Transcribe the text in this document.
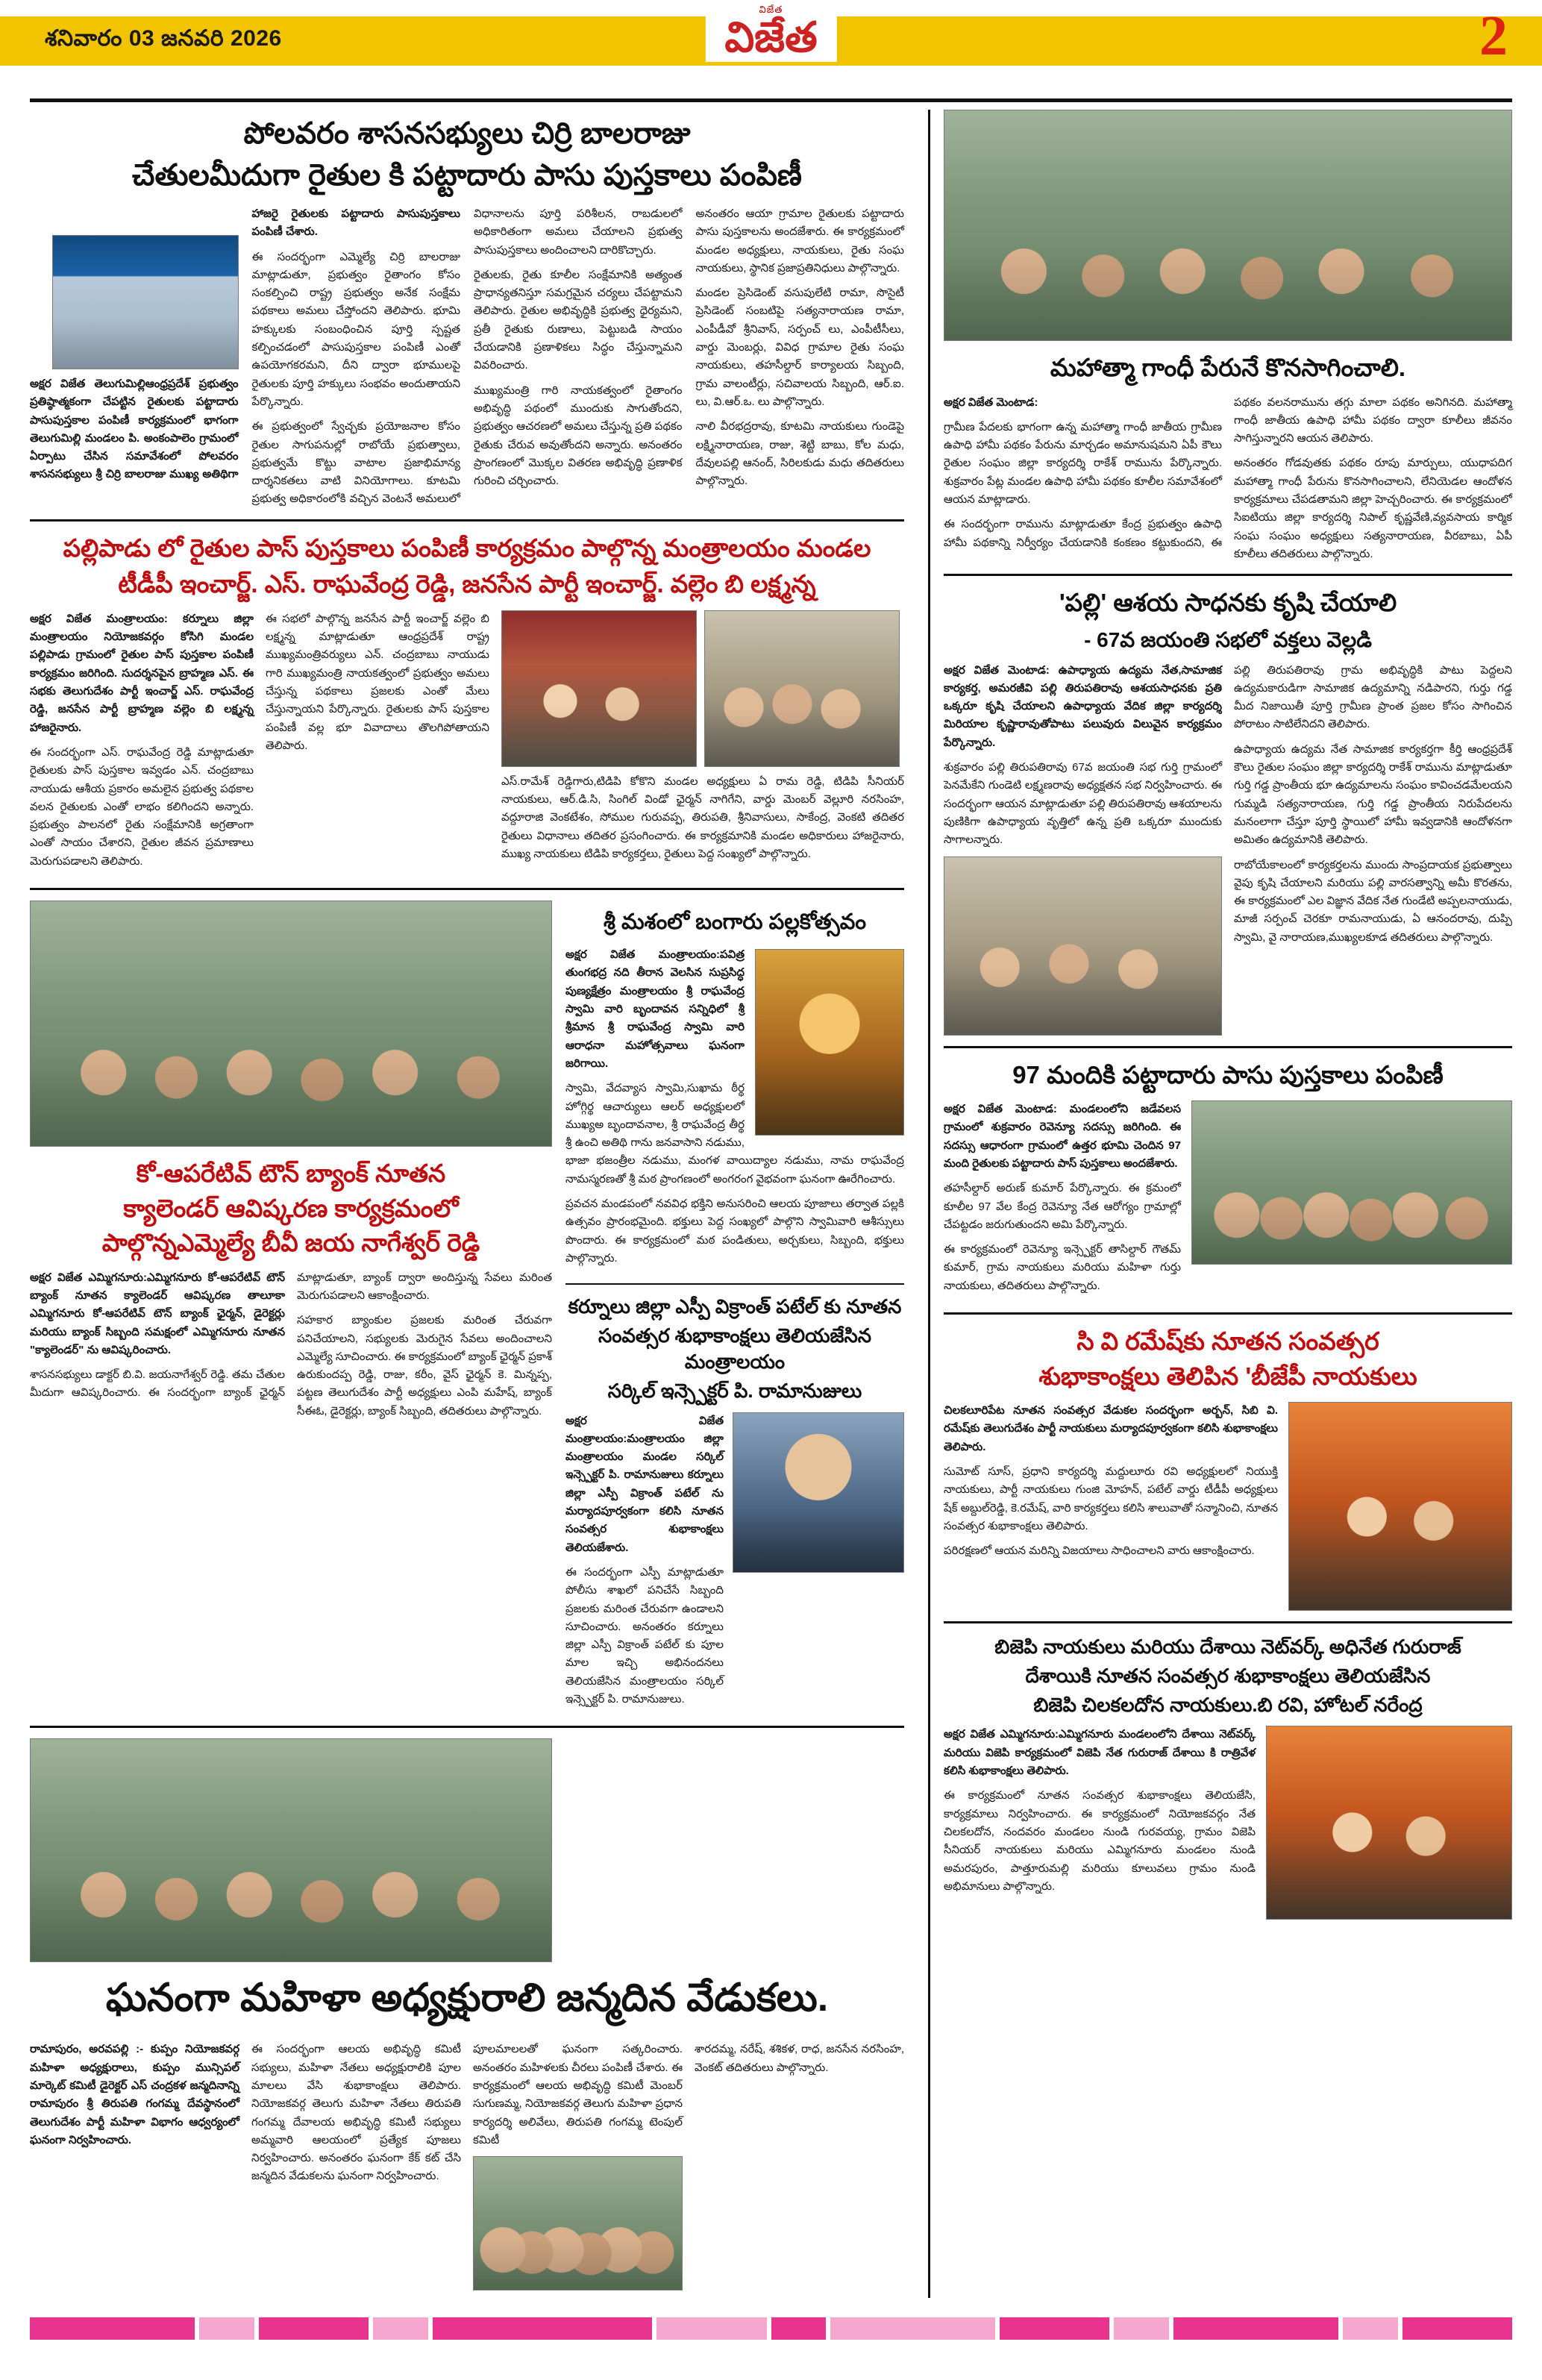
శనివారం 03 జనవరి 2026
విజేత
విజేత	2
పోలవరం శాసనసభ్యులు చిర్రి బాలరాజు
చేతులమీదుగా రైతుల కి పట్టాదారు పాసు పుస్తకాలు పంపిణీ

అక్షర విజేత తెలుగుమిల్లిఆంధ్రప్రదేశ్ ప్రభుత్వం ప్రతిష్ఠాత్మకంగా చేపట్టిన రైతులకు పట్టాదారు పాసుపుస్తకాల పంపిణీ కార్యక్రమంలో భాగంగా తెలుగుమిల్లి మండలం పి. అంకంపాలెం గ్రామంలో ఏర్పాటు చేసిన సమావేశంలో పోలవరం శాసనసభ్యులు శ్రీ చిర్రి బాలరాజు ముఖ్య అతిథిగా హాజరై రైతులకు పట్టాదారు పాసుపుస్తకాలు పంపిణీ చేశారు.

ఈ సందర్భంగా ఎమ్మెల్యే చిర్రి బాలరాజు మాట్లాడుతూ, ప్రభుత్వం రైతాంగం కోసం సంకల్పించి రాష్ట్ర ప్రభుత్వం అనేక సంక్షేమ పథకాలు అమలు చేస్తోందని తెలిపారు. భూమి హక్కులకు సంబంధించిన పూర్తి స్పష్టత కల్పించడంలో పాసుపుస్తకాల పంపిణీ ఎంతో ఉపయోగకరమని, దీని ద్వారా భూములపై రైతులకు పూర్తి హక్కులు సంభవం అందుతాయని పేర్కొన్నారు.

ఈ ప్రభుత్వంలో స్వేచ్ఛకు ప్రయోజనాల కోసం రైతుల సాగుపనుల్లో రాబోయే ప్రభుత్వాలు, ప్రభుత్వమే కొట్టు వాటాల ప్రజాభిమాన్య దార్శనికతలు వాటి వినియోగాలు. కూటమి ప్రభుత్వ అధికారంలోకి వచ్చిన వెంటనే అమలులో విధానాలను పూర్తి పరిశీలన, రాబడులలో అధికారితంగా అమలు చేయాలని ప్రభుత్వ పాసుపుస్తకాలు అందించాలని దారికొచ్చారు.

రైతులకు, రైతు కూలీల సంక్షేమానికి అత్యంత ప్రాధాన్యతనిస్తూ సమగ్రమైన చర్యలు చేపట్టామని తెలిపారు. రైతుల అభివృద్ధికి ప్రభుత్వ ధైర్యమని, ప్రతీ రైతుకు రుణాలు, పెట్టుబడి సాయం చేయడానికి ప్రణాళికలు సిద్ధం చేస్తున్నామని వివరించారు.

ముఖ్యమంత్రి గారి నాయకత్వంలో రైతాంగం అభివృద్ధి పథంలో ముందుకు సాగుతోందని, ప్రభుత్వం ఆచరణలో అమలు చేస్తున్న ప్రతి పథకం రైతుకు చేరువ అవుతోందని అన్నారు. అనంతరం ప్రాంగణంలో మొక్కల వితరణ అభివృద్ధి ప్రణాళిక గురించి చర్చించారు.

అనంతరం ఆయా గ్రామాల రైతులకు పట్టాదారు పాసు పుస్తకాలను అందజేశారు. ఈ కార్యక్రమంలో మండల అధ్యక్షులు, నాయకులు, రైతు సంఘ నాయకులు, స్థానిక ప్రజాప్రతినిధులు పాల్గొన్నారు.

మండల ప్రెసిడెంట్ వసుపులేటి రామా, సొసైటీ ప్రెసిడెంట్ సంబటిపై సత్యనారాయణ రామా, ఎంపీడీవో శ్రీనివాస్, సర్పంచ్ లు, ఎంపీటీసీలు, వార్డు మెంబర్లు, వివిధ గ్రామాల రైతు సంఘ నాయకులు, తహసీల్దార్ కార్యాలయ సిబ్బంది, గ్రామ వాలంటీర్లు, సచివాలయ సిబ్బంది, ఆర్.ఐ. లు, వి.ఆర్.ఒ. లు పాల్గొన్నారు.

నాలి వీరభద్రరావు, కూటమి నాయకులు గుండెపై లక్ష్మినారాయణ, రాజు, శెట్టి బాబు, కోల మధు, దేవులపల్లి ఆనంద్, సిరిలకుడు మధు తదితరులు పాల్గొన్నారు.

పల్లిపాడు లో రైతుల పాస్ పుస్తకాలు పంపిణీ కార్యక్రమం పాల్గొన్న మంత్రాలయం మండల
టీడీపీ ఇంచార్జ్. ఎస్. రాఘవేంద్ర రెడ్డి, జనసేన పార్టీ ఇంచార్జ్. వల్లెం బి లక్ష్మన్న

అక్షర విజేత మంత్రాలయం: కర్నూలు జిల్లా మంత్రాలయం నియోజకవర్గం కోసిగి మండల పల్లిపాడు గ్రామంలో రైతుల పాస్ పుస్తకాల పంపిణీ కార్యక్రమం జరిగింది. సుదర్శనపైన బ్రాహ్మణ ఎస్. ఈ సభకు తెలుగుదేశం పార్టీ ఇంచార్జ్ ఎస్. రాఘవేంద్ర రెడ్డి, జనసేన పార్టీ బ్రాహ్మణ వల్లెం బి లక్ష్మన్న హాజరైనారు.

ఈ సందర్భంగా ఎస్. రాఘవేంద్ర రెడ్డి మాట్లాడుతూ రైతులకు పాస్ పుస్తకాల ఇవ్వడం ఎన్. చంద్రబాబు నాయుడు ఆశీయ ప్రకారం అమలైన ప్రభుత్వ పథకాల వలన రైతులకు ఎంతో లాభం కలిగిందని అన్నారు. ప్రభుత్వం పాలనలో రైతు సంక్షేమానికి అగ్రతాంగా ఎంతో సాయం చేశారని, రైతుల జీవన ప్రమాణాలు మెరుగుపడాలని తెలిపారు.

ఈ సభలో పాల్గొన్న జనసేన పార్టీ ఇంచార్జ్ వల్లెం బి లక్ష్మన్న మాట్లాడుతూ ఆంధ్రప్రదేశ్ రాష్ట్ర ముఖ్యమంత్రివర్యులు ఎన్. చంద్రబాబు నాయుడు గారి ముఖ్యమంత్రి నాయకత్వంలో ప్రభుత్వం అమలు చేస్తున్న పథకాలు ప్రజలకు ఎంతో మేలు చేస్తున్నాయని పేర్కొన్నారు. రైతులకు పాస్ పుస్తకాల పంపిణీ వల్ల భూ వివాదాలు తొలగిపోతాయని తెలిపారు.

ఎస్.రామేశ్ రెడ్డిగారు,టిడిపి కోకొని మండల అధ్యక్షులు ఏ రామ రెడ్డి, టిడిపి సీనియర్ నాయకులు, ఆర్.డి.సి, సింగిల్ విండో ఛైర్మన్ నాగిగేని, వార్డు మెంబర్ వెల్లూరి నరసింహ, వద్దూరాజి వెంకటేశం, సోముల గురువప్ప, తిరుపతి, శ్రీనివాసులు, సాకేంద్ర, వెంకటి తదితర రైతులు విధానాలు తదితర ప్రసంగించారు. ఈ కార్యక్రమానికి మండల అధికారులు హాజరైనారు, ముఖ్య నాయకులు టిడిపి కార్యకర్తలు, రైతులు పెద్ద సంఖ్యలో పాల్గొన్నారు.

కో-ఆపరేటివ్ టౌన్ బ్యాంక్ నూతన
క్యాలెండర్ ఆవిష్కరణ కార్యక్రమంలో
పాల్గొన్నఎమ్మెల్యే బీవీ జయ నాగేశ్వర్ రెడ్డి

అక్షర విజేత ఎమ్మిగనూరు:ఎమ్మిగనూరు కో-ఆపరేటివ్ టౌన్ బ్యాంక్ నూతన క్యాలెండర్ ఆవిష్కరణ తాలూకా ఎమ్మిగనూరు కో-ఆపరేటివ్ టౌన్ బ్యాంక్ ఛైర్మన్, డైరెక్టర్లు మరియు బ్యాంక్ సిబ్బంది సమక్షంలో ఎమ్మిగనూరు నూతన "క్యాలెండర్" ను ఆవిష్కరించారు.

శాసనసభ్యులు డాక్టర్ బి.వి. జయనాగేశ్వర్ రెడ్డి. తమ చేతుల మీదుగా ఆవిష్కరించారు. ఈ సందర్భంగా బ్యాంక్ ఛైర్మన్ మాట్లాడుతూ, బ్యాంక్ ద్వారా అందిస్తున్న సేవలు మరింత మెరుగుపడాలని ఆకాంక్షించారు.

సహకార బ్యాంకుల ప్రజలకు మరింత చేరువగా పనిచేయాలని, సభ్యులకు మెరుగైన సేవలు అందించాలని ఎమ్మెల్యే సూచించారు. ఈ కార్యక్రమంలో బ్యాంక్ ఛైర్మన్ ప్రకాశ్ ఉరుకుందప్ప రెడ్డి, రాజు, కరీం, వైస్ ఛైర్మన్ కె. మిన్నప్ప, పట్టణ తెలుగుదేశం పార్టీ అధ్యక్షులు ఎంపి మహేష్, బ్యాంక్ సీఈఓ, డైరెక్టర్లు, బ్యాంక్ సిబ్బంది, తదితరులు పాల్గొన్నారు.

శ్రీ మశంలో బంగారు పల్లకోత్సవం

అక్షర విజేత మంత్రాలయం:పవిత్ర తుంగభద్ర నది తీరాన వెలసిన సుప్రసిద్ధ పుణ్యక్షేత్రం మంత్రాలయం శ్రీ రాఘవేంద్ర స్వామి వారి బృందావన సన్నిధిలో శ్రీ శ్రీమాన శ్రీ రాఘవేంద్ర స్వామి వారి ఆరాధనా మహోత్సవాలు ఘనంగా జరిగాయి.

స్వామి, వేదవ్యాస స్వామి,సుఖామ ఠీర్థ హోగ్గిర్థ ఆచార్యులు ఆలర్ అధ్యక్షులలో ముఖ్యఅ బృందావనాల, శ్రీ రాఘవేంద్ర తీర్థ శ్రీ ఉంచి అతిథి గాను జనవాసాని నడుము, భాజా భజంత్రీల నడుము, మంగళ వాయిద్యాల నడుము, నామ రాఘవేంద్ర నామస్మరణతో శ్రీ మఠ ప్రాంగణంలో అంగరంగ వైభవంగా ఘనంగా ఊరేగించారు.

ప్రవచన మండపంలో నవవిధ భక్తిని అనుసరించి ఆలయ పూజాలు తర్వాత పల్లకి ఉత్సవం ప్రారంభమైంది. భక్తులు పెద్ద సంఖ్యలో పాల్గొని స్వామివారి ఆశీస్సులు పొందారు. ఈ కార్యక్రమంలో మఠ పండితులు, అర్చకులు, సిబ్బంది, భక్తులు పాల్గొన్నారు.

కర్నూలు జిల్లా ఎస్పీ విక్రాంత్ పటేల్ కు నూతన
సంవత్సర శుభాకాంక్షలు తెలియజేసిన మంత్రాలయం
సర్కిల్ ఇన్స్పెక్టర్ పి. రామానుజులు

అక్షర విజేత మంత్రాలయం:మంత్రాలయం జిల్లా మంత్రాలయం మండల సర్కిల్ ఇన్స్పెక్టర్ పి. రామానుజులు కర్నూలు జిల్లా ఎస్పీ విక్రాంత్ పటేల్ ను మర్యాదపూర్వకంగా కలిసి నూతన సంవత్సర శుభాకాంక్షలు తెలియజేశారు.

ఈ సందర్భంగా ఎస్పీ మాట్లాడుతూ పోలీసు శాఖలో పనిచేసే సిబ్బంది ప్రజలకు మరింత చేరువగా ఉండాలని సూచించారు. అనంతరం కర్నూలు జిల్లా ఎస్పీ విక్రాంత్ పటేల్ కు పూల మాల ఇచ్చి అభినందనలు తెలియజేసిన మంత్రాలయం సర్కిల్ ఇన్స్పెక్టర్ పి. రామానుజులు.

ఘనంగా మహిళా అధ్యక్షురాలి జన్మదిన వేడుకలు.

రామాపురం, అరవపల్లి :- కుప్పం నియోజకవర్గ మహిళా అధ్యక్షురాలు, కుప్పం మున్సిపల్ మార్కెట్ కమిటీ డైరెక్టర్ ఎస్ చంద్రకళ జన్మదినాన్ని రామాపురం శ్రీ తిరుపతి గంగమ్మ దేవస్థానంలో తెలుగుదేశం పార్టీ మహిళా విభాగం ఆధ్వర్యంలో ఘనంగా నిర్వహించారు.

ఈ సందర్భంగా ఆలయ అభివృద్ధి కమిటీ సభ్యులు, మహిళా నేతలు అధ్యక్షురాలికి పూల మాలలు వేసి శుభాకాంక్షలు తెలిపారు. నియోజకవర్గ తెలుగు మహిళా నేతలు తిరుపతి గంగమ్మ దేవాలయ అభివృద్ధి కమిటీ సభ్యులు అమ్మవారి ఆలయంలో ప్రత్యేక పూజలు నిర్వహించారు. అనంతరం ఘనంగా కేక్ కట్ చేసి జన్మదిన వేడుకలను ఘనంగా నిర్వహించారు.

పూలమాలలతో ఘనంగా సత్కరించారు. అనంతరం మహిళలకు చీరలు పంపిణీ చేశారు. ఈ కార్యక్రమంలో ఆలయ అభివృద్ధి కమిటీ మెంబర్ సుగుణమ్మ, నియోజకవర్గ తెలుగు మహిళా ప్రధాన కార్యదర్శి అలివేలు, తిరుపతి గంగమ్మ టెంపుల్ కమిటీ

శారదమ్మ, నరేష్, శశికళ, రాధ, జనసేన నరసింహ, వెంకట్ తదితరులు పాల్గొన్నారు.

మహాత్మా గాంధీ పేరునే కొనసాగించాలి.

అక్షర విజేత మెంటాడ:

గ్రామీణ పేదలకు భాగంగా ఉన్న మహాత్మా గాంధీ జాతీయ గ్రామీణ ఉపాధి హామీ పథకం పేరును మార్చడం అమానుషమని ఏపీ కౌలు రైతుల సంఘం జిల్లా కార్యదర్శి రాకేశ్ రామును పేర్కొన్నారు. శుక్రవారం పేట్ల మండల ఉపాధి హామీ పథకం కూలీల సమావేశంలో ఆయన మాట్లాడారు.

ఈ సందర్భంగా రామును మాట్లాడుతూ కేంద్ర ప్రభుత్వం ఉపాధి హామీ పథకాన్ని నిర్వీర్యం చేయడానికి కంకణం కట్టుకుందని, ఈ పథకం వలనరామును తగ్గు మాలా పథకం అనిగినది. మహాత్మా గాంధీ జాతీయ ఉపాధి హామీ పథకం ద్వారా కూలీలు జీవనం సాగిస్తున్నారని ఆయన తెలిపారు.

అనంతరం గోడవుతకు పథకం రూపు మార్పులు, యుధాపదిగ మహాత్మా గాంధీ పేరును కొనసాగించాలని, లేనియెడల ఆందోళన కార్యక్రమాలు చేపడతామని జిల్లా హెచ్చరించారు. ఈ కార్యక్రమంలో సిఐటియు జిల్లా కార్యదర్శి నిపాల్ కృష్ణవేణి,వ్యవసాయ కార్మిక సంఘ సంఘం అధ్యక్షులు సత్యనారాయణ, వీరబాబు, ఏపీ కూలీలు తదితరులు పాల్గొన్నారు.

'పల్లి' ఆశయ సాధనకు కృషి చేయాలి
- 67వ జయంతి సభలో వక్తలు వెల్లడి

అక్షర విజేత మెంటాడ: ఉపాధ్యాయ ఉద్యమ నేత,సామాజిక కార్యకర్త, అమరజీవి పల్లి తిరుపతిరావు ఆశయసాధనకు ప్రతి ఒక్కరూ కృషి చేయాలని ఉపాధ్యాయ వేదిక జిల్లా కార్యదర్శి మిరియాల కృష్ణారావుతోపాటు పలువురు విలువైన కార్యక్రమం పేర్కొన్నారు.

శుక్రవారం పల్లి తిరుపతిరావు 67వ జయంతి సభ గుర్తి గ్రామంలో పెనమేకేని గుండెటి లక్ష్మణరావు అధ్యక్షతన సభ నిర్వహించారు. ఈ సందర్భంగా ఆయన మాట్లాడుతూ పల్లి తిరుపతిరావు ఆశయాలను పుణికిగా ఉపాధ్యాయ వృత్తిలో ఉన్న ప్రతి ఒక్కరూ ముందుకు సాగాలన్నారు.

పల్లి తిరుపతిరావు గ్రామ అభివృద్ధికి పాటు పెద్దలని ఉద్యమకారుడిగా సామాజిక ఉద్యమాన్ని నడిపారని, గుర్తు గడ్డ మీద నిజాయితీ పూర్తి గ్రామీణ ప్రాంత ప్రజల కోసం సాగించిన పోరాటం సాటిలేనిదని తెలిపారు.

ఉపాధ్యాయ ఉద్యమ నేత సామాజిక కార్యకర్తగా కీర్తి ఆంధ్రప్రదేశ్ కౌలు రైతుల సంఘం జిల్లా కార్యదర్శి రాకేశ్ రామును మాట్లాడుతూ గుర్తి గడ్డ ప్రాంతీయ భూ ఉద్యమాలను సంఘం కావించడమేలయని గుమ్మడి సత్యనారాయణ, గుర్తి గడ్డ ప్రాంతీయ నిరుపేదలను మనంలాగా చేస్తూ పూర్తి స్థాయిలో హామీ ఇవ్వడానికి ఆందోళనగా అమితం ఉద్యమానికి తెలిపారు.

రాబోయేకాలంలో కార్యకర్తలను ముందు సాంప్రదాయక ప్రభుత్వాలు వైపు కృషి చేయాలని మరియు పల్లి వారసత్వాన్ని అమీ కొరతను, ఈ కార్యక్రమంలో ఎల విజ్ఞాన వేదిక నేత గుండేటి అప్పలనాయుడు, మాజీ సర్పంచ్ చెరకూ రామనాయుడు, ఏ ఆనందరావు, దుప్పి స్వామి, వై నారాయణ,ముఖ్యలకూడ తదితరులు పాల్గొన్నారు.

97 మందికి పట్టాదారు పాసు పుస్తకాలు పంపిణీ

అక్షర విజేత మెంటాడ: మండలంలోని జడేవలస గ్రామంలో శుక్రవారం రెవెన్యూ సదస్సు జరిగింది. ఈ సదస్సు ఆధారంగా గ్రామంలో ఉత్తర భూమి చెందిన 97 మంది రైతులకు పట్టాదారు పాస్ పుస్తకాలు అందజేశారు.

తహసీల్దార్ అరుణ్ కుమార్ పేర్కొన్నారు. ఈ క్రమంలో కూలీల 97 వేల కేంద్ర రెవెన్యూ నేత ఆరోగ్యం గ్రామాల్లో చేపట్టడం జరుగుతుందని అమి పేర్కొన్నారు.

ఈ కార్యక్రమంలో రెవెన్యూ ఇన్స్పెక్టర్ తాసిల్దార్ గౌతమ్ కుమార్, గ్రామ నాయకులు మరియు మహిళా గుర్తు నాయకులు, తదితరులు పాల్గొన్నారు.

సి వి రమేష్‌కు నూతన సంవత్సర
శుభాకాంక్షలు తెలిపిన 'బీజేపీ నాయకులు

చిలకలూరిపేట నూతన సంవత్సర వేడుకల సందర్భంగా అర్బన్, సిబి వి. రమేష్‌కు తెలుగుదేశం పార్టీ నాయకులు మర్యాదపూర్వకంగా కలిసి శుభాకాంక్షలు తెలిపారు.

సుమోట్ సూస్, ప్రధాని కార్యదర్శి మద్దులూరు రవి అధ్యక్షులలో నియుక్తి నాయకులు, పార్టీ నాయకులు గుంజి మోహన్, పటేల్ వార్డు టీడీపీ అధ్యక్షులు షేక్ అబ్దుల్‌రెడ్డి, కె.రమేష్, వారి కార్యకర్తలు కలిసి శాలువాతో సన్మానించి, నూతన సంవత్సర శుభాకాంక్షలు తెలిపారు.

పరిరక్షణలో ఆయన మరిన్ని విజయాలు సాధించాలని వారు ఆకాంక్షించారు.

బిజెపి నాయకులు మరియు దేశాయి నెట్‌వర్క్ అధినేత గురురాజ్
దేశాయికి నూతన సంవత్సర శుభాకాంక్షలు తెలియజేసిన
బిజెపి చిలకలదోన నాయకులు.బి రవి, హోటల్ నరేంద్ర

అక్షర విజేత ఎమ్మిగనూరు:ఎమ్మిగనూరు మండలంలోని దేశాయి నెట్‌వర్క్ మరియు విజెపి కార్యక్రమంలో విజెపి నేత గురురాజ్ దేశాయి కి రాత్రివేళ కలిసి శుభాకాంక్షలు తెలిపారు.

ఈ కార్యక్రమంలో నూతన సంవత్సర శుభాకాంక్షలు తెలియజేసి, కార్యక్రమాలు నిర్వహించారు. ఈ కార్యక్రమంలో నియోజకవర్గం నేత చిలకలదోన, నందవరం మండలం నుండి గురవయ్య, గ్రామం విజెపి సీనియర్ నాయకులు మరియు ఎమ్మిగనూరు మండలం నుండి అమరపురం, పాత్తూరుమల్లి మరియు కూలువలు గ్రామం నుండి అభిమానులు పాల్గొన్నారు.
